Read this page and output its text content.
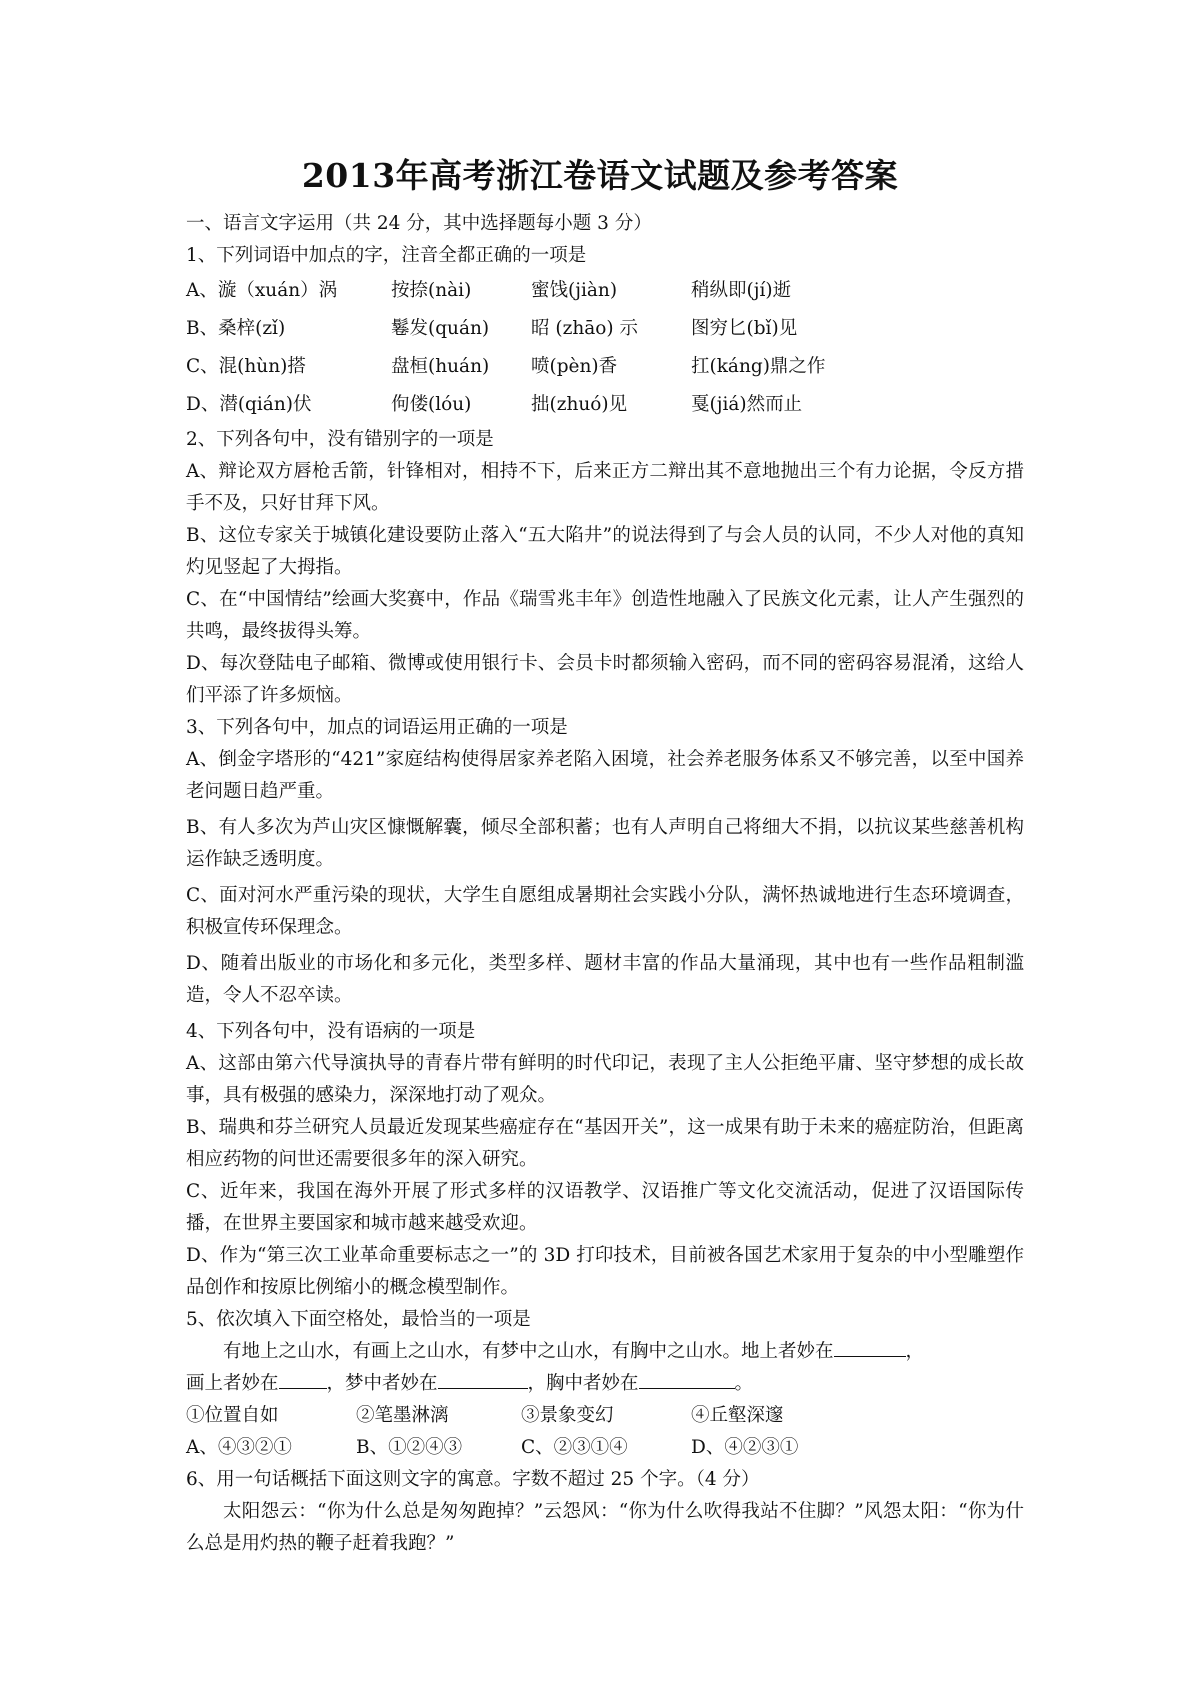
2013年高考浙江卷语文试题及参考答案

一、语言文字运用（共 24 分，其中选择题每小题 3 分）

1、下列词语中加点的字，注音全都正确的一项是

A、漩（xuán）涡	按捺(nài)	蜜饯(jiàn)	稍纵即(jí)逝
B、桑梓(zǐ)	鬈发(quán)	昭 (zhāo) 示	图穷匕(bǐ)见
C、混(hùn)搭	盘桓(huán)	喷(pèn)香	扛(káng)鼎之作
D、潜(qián)伏	佝偻(lóu)	拙(zhuó)见	戛(jiá)然而止

2、下列各句中，没有错别字的一项是

A、辩论双方唇枪舌箭，针锋相对，相持不下，后来正方二辩出其不意地抛出三个有力论据，令反方措手不及，只好甘拜下风。

B、这位专家关于城镇化建设要防止落入“五大陷井”的说法得到了与会人员的认同，不少人对他的真知灼见竖起了大拇指。

C、在“中国情结”绘画大奖赛中，作品《瑞雪兆丰年》创造性地融入了民族文化元素，让人产生强烈的共鸣，最终拔得头筹。

D、每次登陆电子邮箱、微博或使用银行卡、会员卡时都须输入密码，而不同的密码容易混淆，这给人们平添了许多烦恼。

3、下列各句中，加点的词语运用正确的一项是

A、倒金字塔形的“421”家庭结构使得居家养老陷入困境，社会养老服务体系又不够完善，以至中国养老问题日趋严重。

B、有人多次为芦山灾区慷慨解囊，倾尽全部积蓄；也有人声明自己将细大不捐，以抗议某些慈善机构运作缺乏透明度。

C、面对河水严重污染的现状，大学生自愿组成暑期社会实践小分队，满怀热诚地进行生态环境调查，积极宣传环保理念。

D、随着出版业的市场化和多元化，类型多样、题材丰富的作品大量涌现，其中也有一些作品粗制滥造，令人不忍卒读。

4、下列各句中，没有语病的一项是

A、这部由第六代导演执导的青春片带有鲜明的时代印记，表现了主人公拒绝平庸、坚守梦想的成长故事，具有极强的感染力，深深地打动了观众。

B、瑞典和芬兰研究人员最近发现某些癌症存在“基因开关”，这一成果有助于未来的癌症防治，但距离相应药物的问世还需要很多年的深入研究。

C、近年来，我国在海外开展了形式多样的汉语教学、汉语推广等文化交流活动，促进了汉语国际传播，在世界主要国家和城市越来越受欢迎。

D、作为“第三次工业革命重要标志之一”的 3D 打印技术，目前被各国艺术家用于复杂的中小型雕塑作品创作和按原比例缩小的概念模型制作。

5、依次填入下面空格处，最恰当的一项是

有地上之山水，有画上之山水，有梦中之山水，有胸中之山水。地上者妙在	，

画上者妙在	，梦中者妙在	，胸中者妙在	。

①位置自如	②笔墨淋漓	③景象变幻	④丘壑深邃
A、④③②①	B、①②④③	C、②③①④	D、④②③①

6、用一句话概括下面这则文字的寓意。字数不超过 25 个字。（4 分）

太阳怨云：“你为什么总是匆匆跑掉？”云怨风：“你为什么吹得我站不住脚？”风怨太阳：“你为什么总是用灼热的鞭子赶着我跑？”
